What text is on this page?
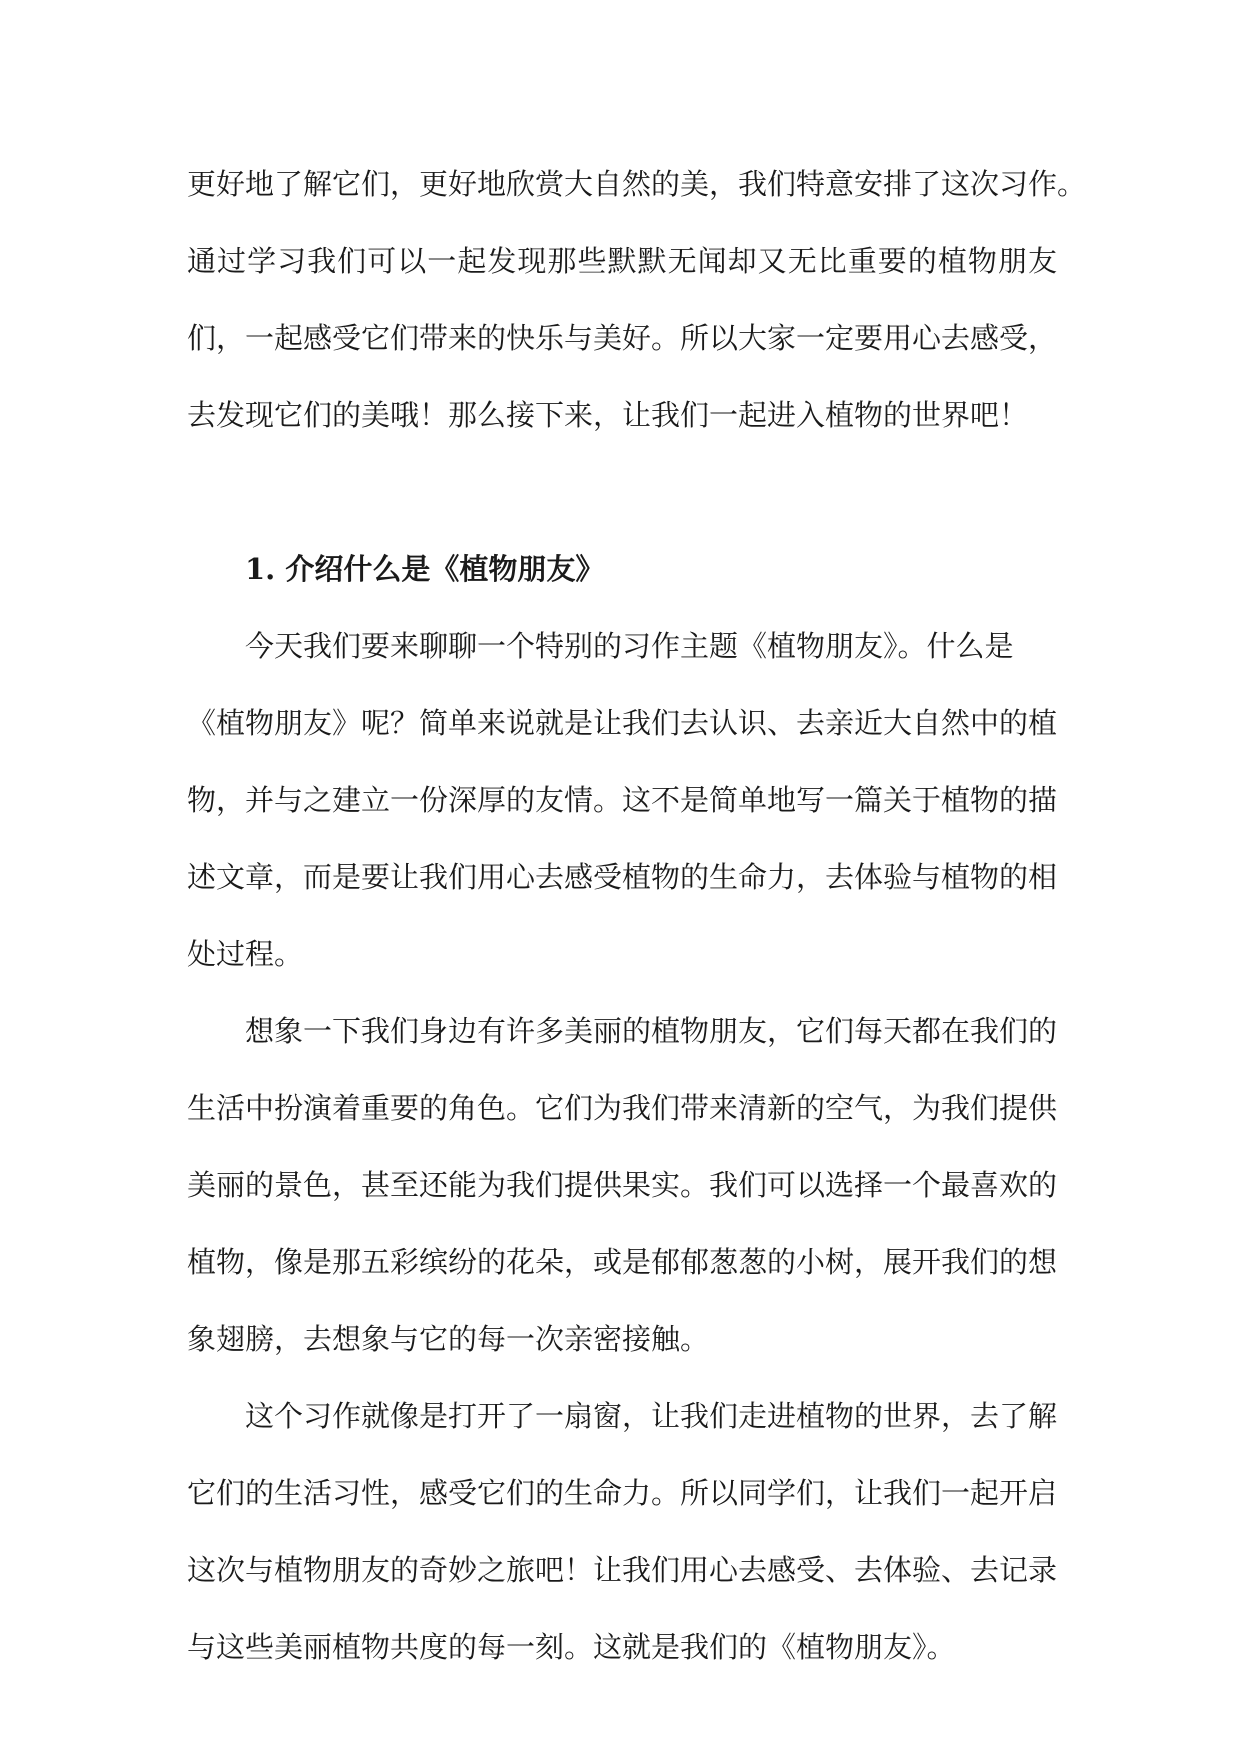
更好地了解它们，更好地欣赏大自然的美，我们特意安排了这次习作。
通过学习我们可以一起发现那些默默无闻却又无比重要的植物朋友
们，一起感受它们带来的快乐与美好。所以大家一定要用心去感受，
去发现它们的美哦！那么接下来，让我们一起进入植物的世界吧！
1. 介绍什么是《植物朋友》
今天我们要来聊聊一个特别的习作主题《植物朋友》。什么是
《植物朋友》呢？简单来说就是让我们去认识、去亲近大自然中的植
物，并与之建立一份深厚的友情。这不是简单地写一篇关于植物的描
述文章，而是要让我们用心去感受植物的生命力，去体验与植物的相
处过程。
想象一下我们身边有许多美丽的植物朋友，它们每天都在我们的
生活中扮演着重要的角色。它们为我们带来清新的空气，为我们提供
美丽的景色，甚至还能为我们提供果实。我们可以选择一个最喜欢的
植物，像是那五彩缤纷的花朵，或是郁郁葱葱的小树，展开我们的想
象翅膀，去想象与它的每一次亲密接触。
这个习作就像是打开了一扇窗，让我们走进植物的世界，去了解
它们的生活习性，感受它们的生命力。所以同学们，让我们一起开启
这次与植物朋友的奇妙之旅吧！让我们用心去感受、去体验、去记录
与这些美丽植物共度的每一刻。这就是我们的《植物朋友》。
